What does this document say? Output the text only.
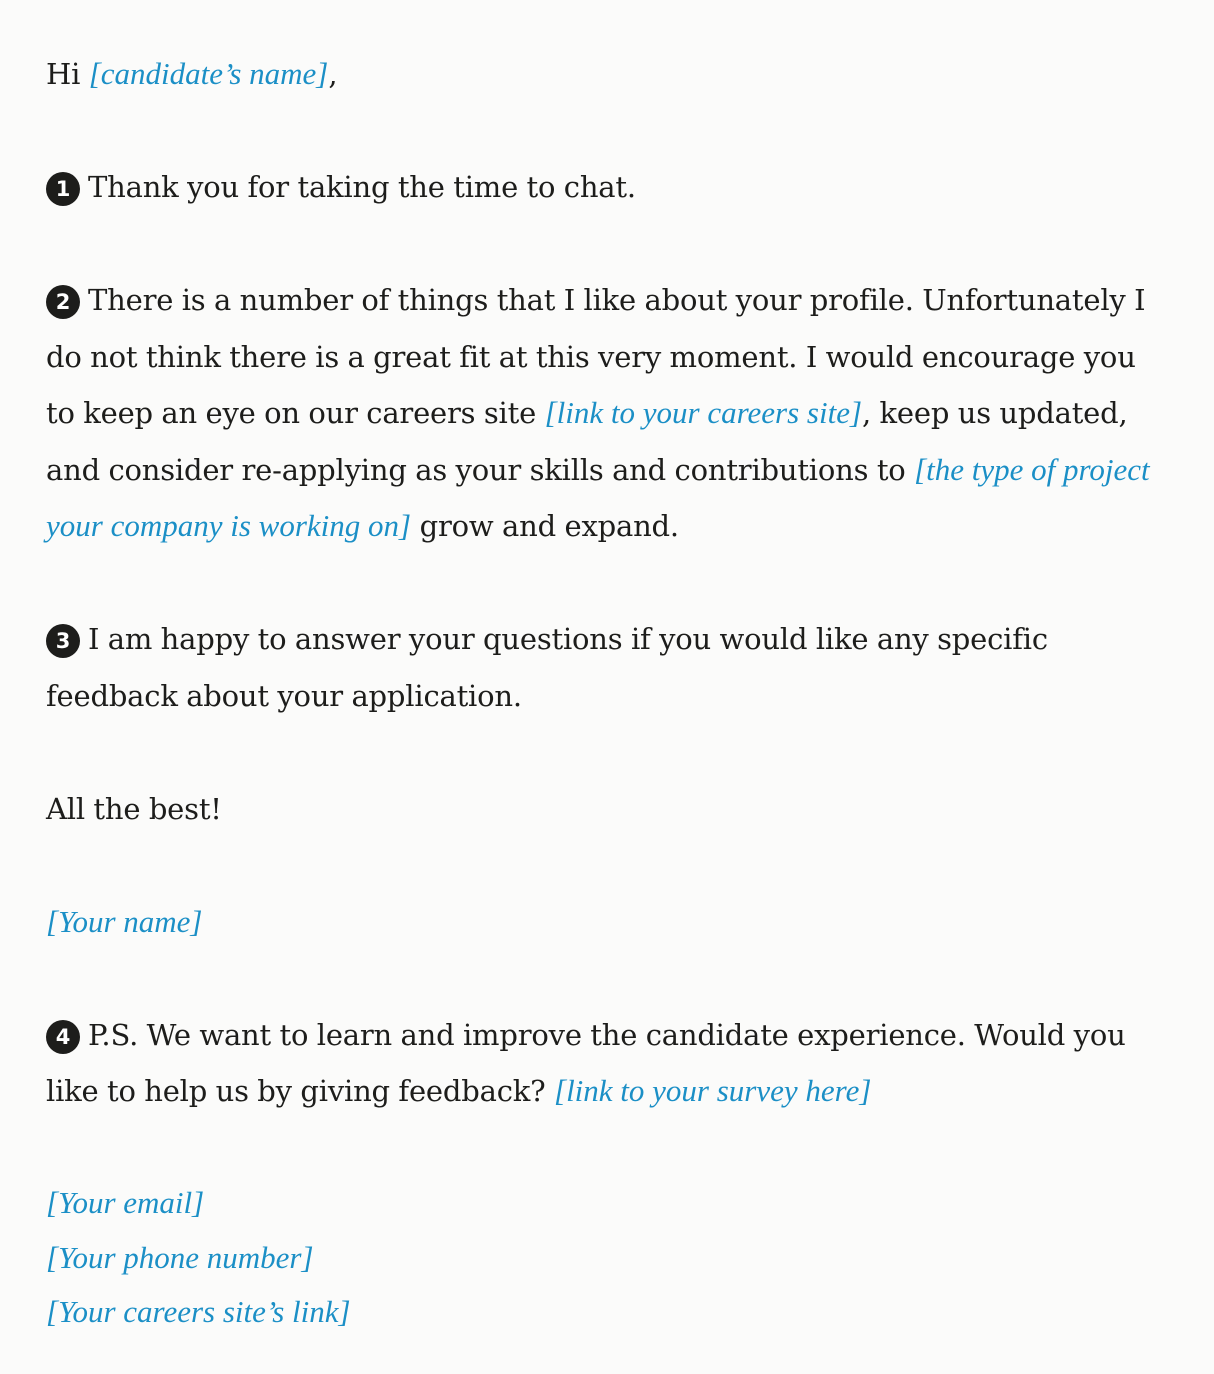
Hi [candidate’s name],

1 Thank you for taking the time to chat.

2 There is a number of things that I like about your profile. Unfortunately I do not think there is a great fit at this very moment. I would encourage you to keep an eye on our careers site [link to your careers site], keep us updated, and consider re-applying as your skills and contributions to [the type of project your company is working on] grow and expand.

3 I am happy to answer your questions if you would like any specific feedback about your application.

All the best!

[Your name]

4 P.S. We want to learn and improve the candidate experience. Would you like to help us by giving feedback? [link to your survey here]

[Your email]
[Your phone number]
[Your careers site’s link]
